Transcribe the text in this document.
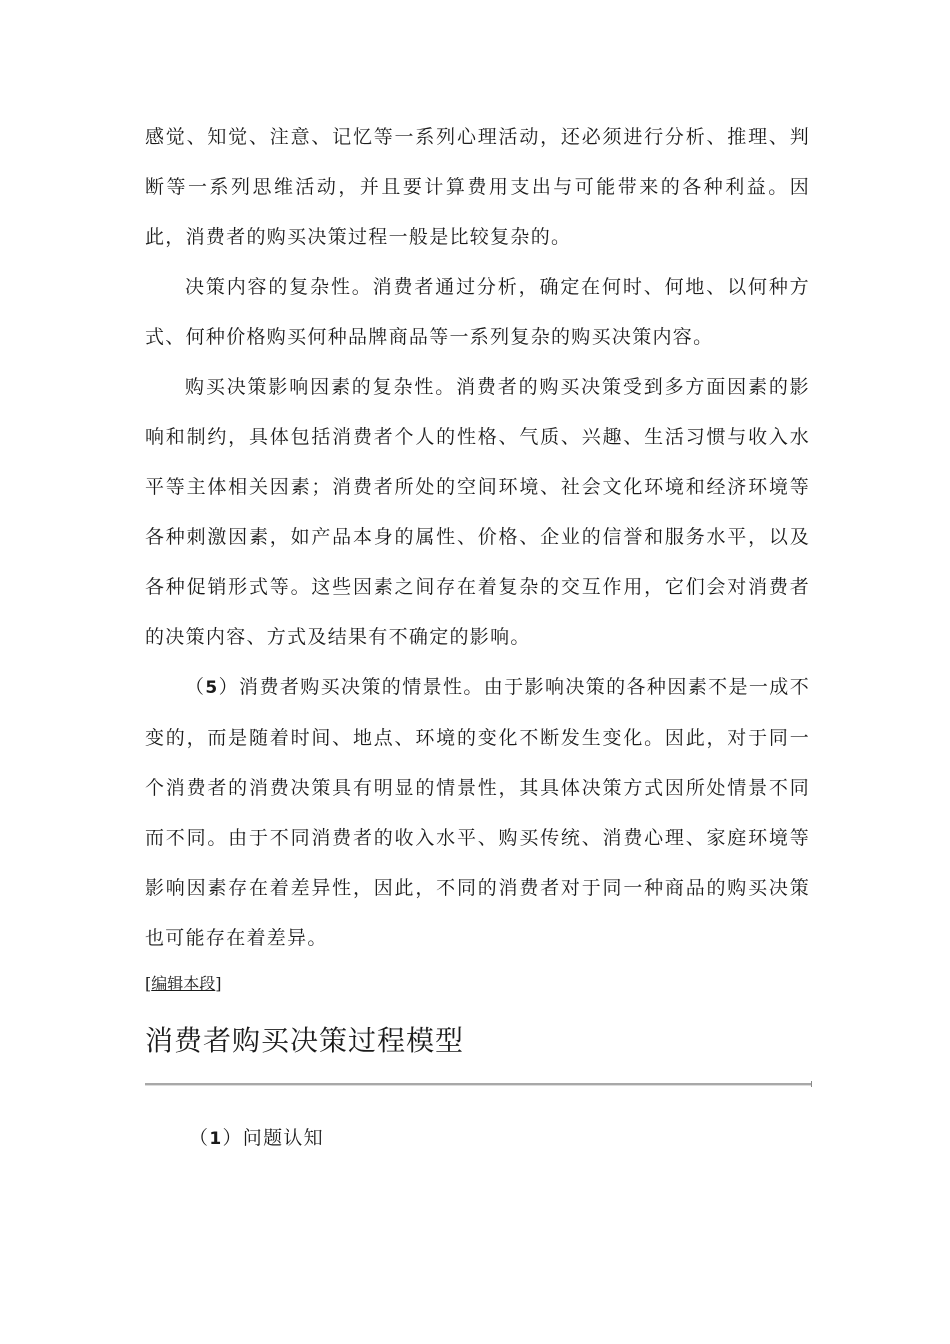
感觉、知觉、注意、记忆等一系列心理活动，还必须进行分析、推理、判断等一系列思维活动，并且要计算费用支出与可能带来的各种利益。因此，消费者的购买决策过程一般是比较复杂的。

决策内容的复杂性。消费者通过分析，确定在何时、何地、以何种方式、何种价格购买何种品牌商品等一系列复杂的购买决策内容。

购买决策影响因素的复杂性。消费者的购买决策受到多方面因素的影响和制约，具体包括消费者个人的性格、气质、兴趣、生活习惯与收入水平等主体相关因素；消费者所处的空间环境、社会文化环境和经济环境等各种刺激因素，如产品本身的属性、价格、企业的信誉和服务水平，以及各种促销形式等。这些因素之间存在着复杂的交互作用，它们会对消费者的决策内容、方式及结果有不确定的影响。

（5）消费者购买决策的情景性。由于影响决策的各种因素不是一成不变的，而是随着时间、地点、环境的变化不断发生变化。因此，对于同一个消费者的消费决策具有明显的情景性，其具体决策方式因所处情景不同而不同。由于不同消费者的收入水平、购买传统、消费心理、家庭环境等影响因素存在着差异性，因此，不同的消费者对于同一种商品的购买决策也可能存在着差异。

[编辑本段]
消费者购买决策过程模型
（1）问题认知
